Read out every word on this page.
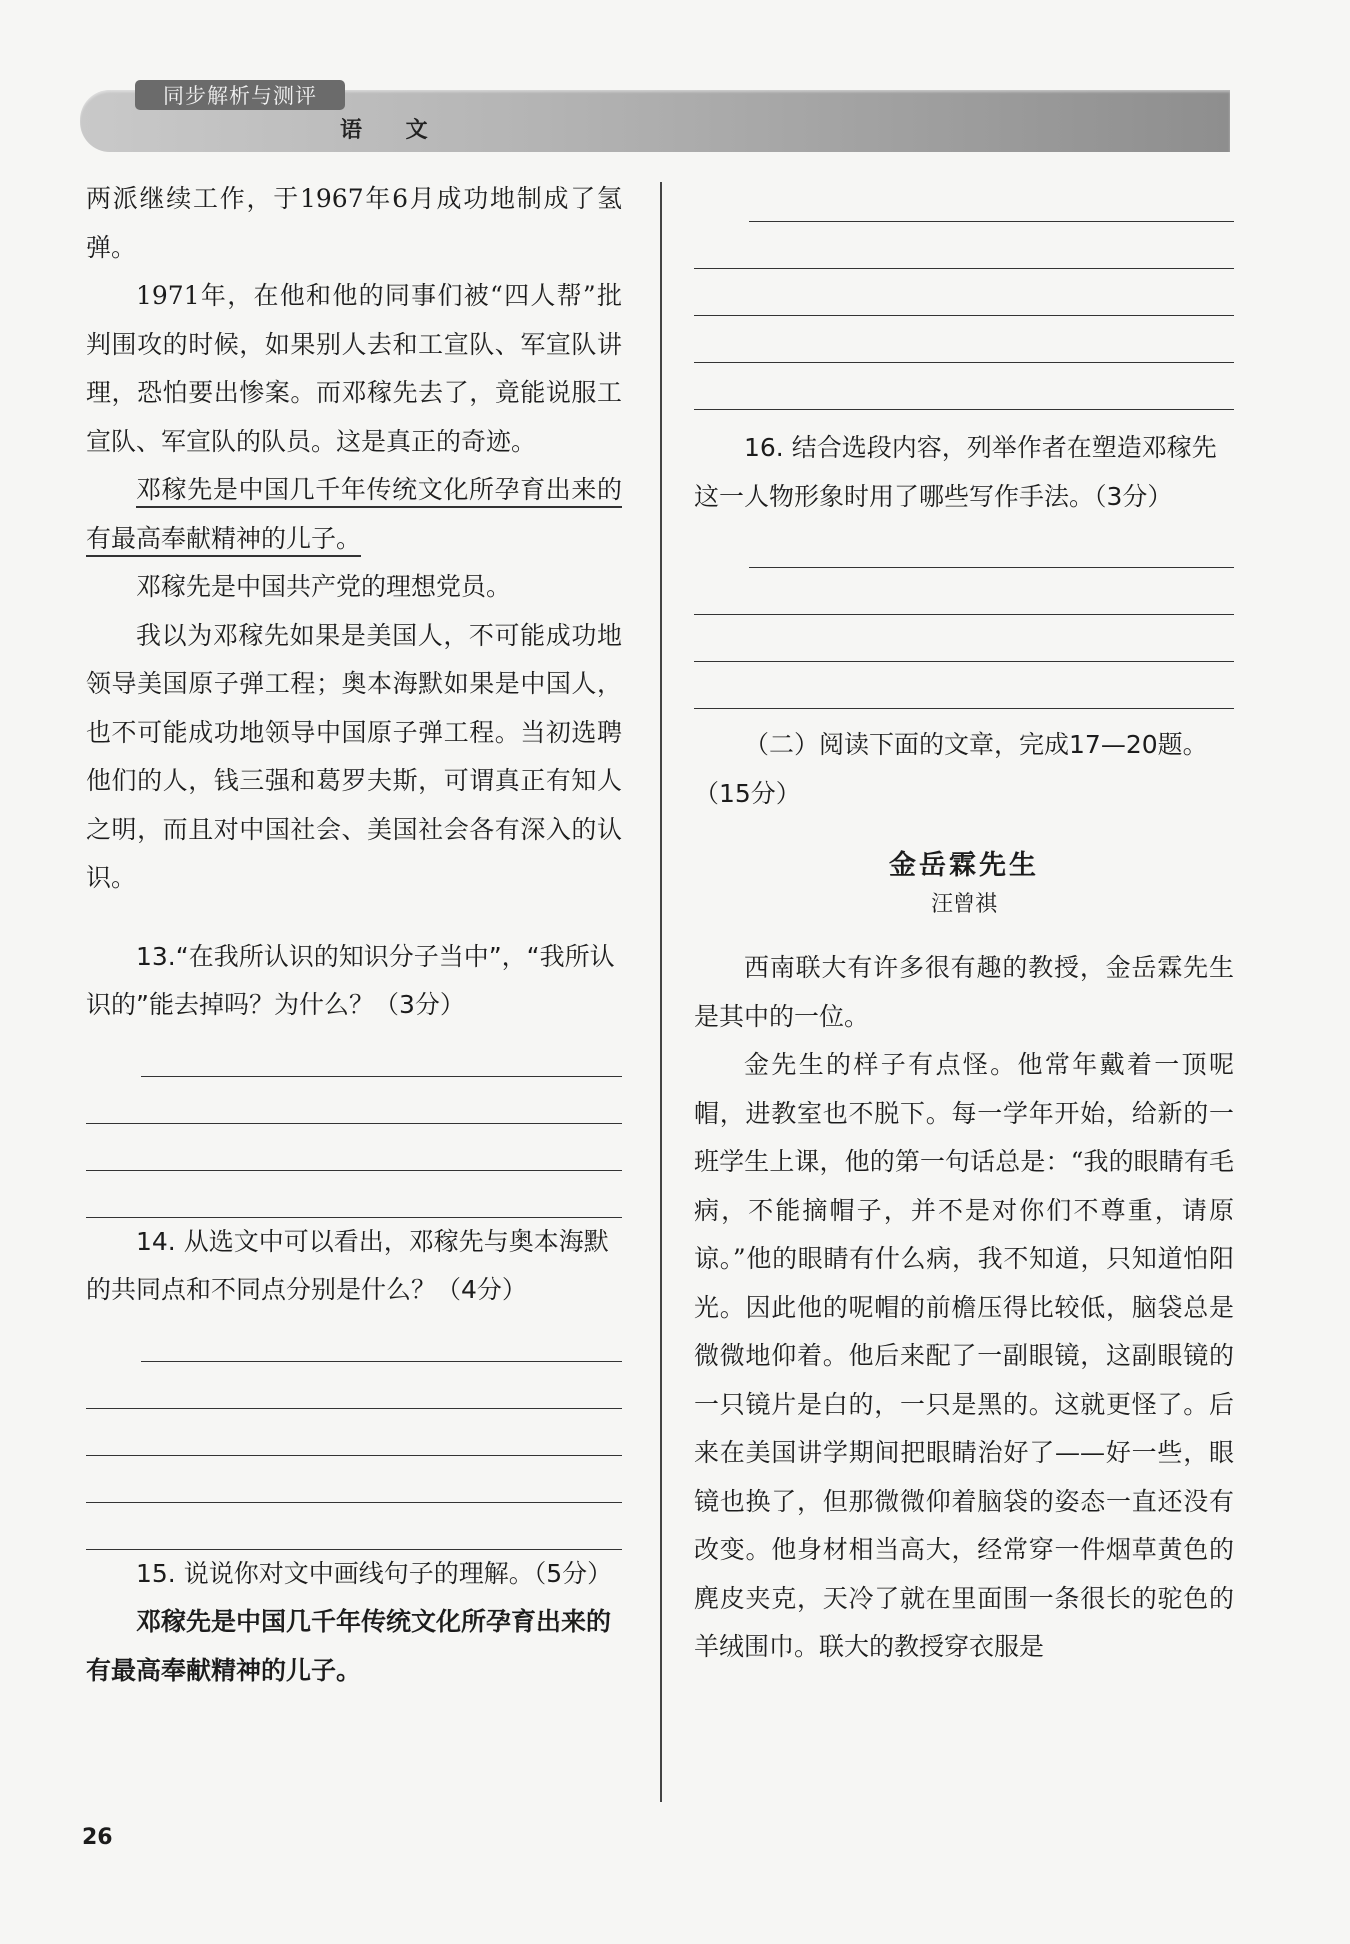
同步解析与测评
语 文

两派继续工作，于1967年6月成功地制成了氢弹。

1971年，在他和他的同事们被“四人帮”批判围攻的时候，如果别人去和工宣队、军宣队讲理，恐怕要出惨案。而邓稼先去了，竟能说服工宣队、军宣队的队员。这是真正的奇迹。

邓稼先是中国几千年传统文化所孕育出来的有最高奉献精神的儿子。

邓稼先是中国共产党的理想党员。

我以为邓稼先如果是美国人，不可能成功地领导美国原子弹工程；奥本海默如果是中国人，也不可能成功地领导中国原子弹工程。当初选聘他们的人，钱三强和葛罗夫斯，可谓真正有知人之明，而且对中国社会、美国社会各有深入的认识。

13.“在我所认识的知识分子当中”，“我所认识的”能去掉吗？为什么？（3分）

14. 从选文中可以看出，邓稼先与奥本海默的共同点和不同点分别是什么？（4分）

15. 说说你对文中画线句子的理解。（5分）

邓稼先是中国几千年传统文化所孕育出来的有最高奉献精神的儿子。

16. 结合选段内容，列举作者在塑造邓稼先这一人物形象时用了哪些写作手法。（3分）

（二）阅读下面的文章，完成17—20题。（15分）

金岳霖先生
汪曾祺

西南联大有许多很有趣的教授，金岳霖先生是其中的一位。

金先生的样子有点怪。他常年戴着一顶呢帽，进教室也不脱下。每一学年开始，给新的一班学生上课，他的第一句话总是：“我的眼睛有毛病，不能摘帽子，并不是对你们不尊重，请原谅。”他的眼睛有什么病，我不知道，只知道怕阳光。因此他的呢帽的前檐压得比较低，脑袋总是微微地仰着。他后来配了一副眼镜，这副眼镜的一只镜片是白的，一只是黑的。这就更怪了。后来在美国讲学期间把眼睛治好了——好一些，眼镜也换了，但那微微仰着脑袋的姿态一直还没有改变。他身材相当高大，经常穿一件烟草黄色的麂皮夹克，天冷了就在里面围一条很长的驼色的羊绒围巾。联大的教授穿衣服是

26
